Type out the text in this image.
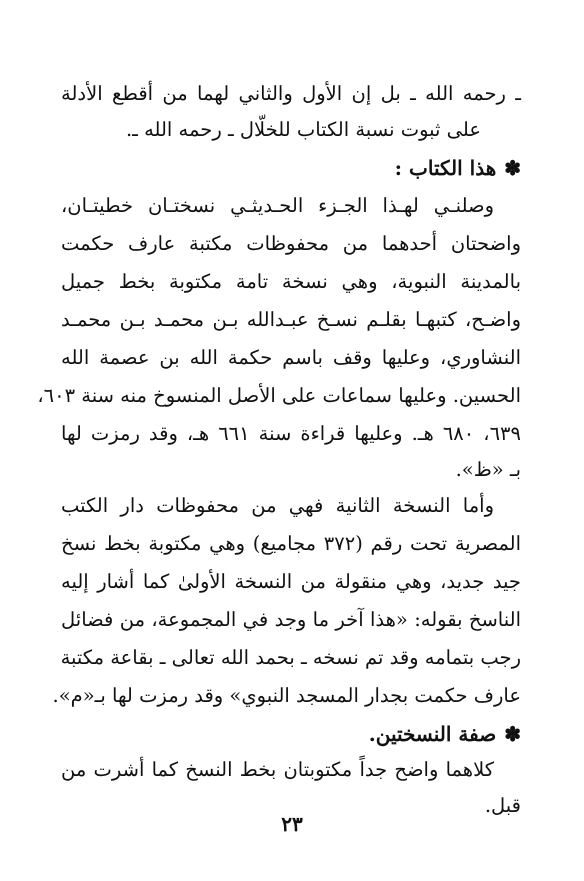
ـ رحمه الله ـ بل إن الأول والثاني لهما من أقطع الأدلة
على ثبوت نسبة الكتاب للخلّال ـ رحمه الله ـ.
✽هذا الكتاب :
وصلنـي لهـذا الجـزء الحـديثـي نسختـان خطيتـان،
واضحتان أحدهما من محفوظات مكتبة عارف حكمت
بالمدينة النبوية، وهي نسخة تامة مكتوبة بخط جميل
واضـح، كتبهـا بقلـم نسـخ عبـدالله بـن محمـد بـن محمـد
النشاوري، وعليها وقف باسم حكمة الله بن عصمة الله
الحسين. وعليها سماعات على الأصل المنسوخ منه سنة ٦٠٣،
٦٣٩، ٦٨٠ هـ. وعليها قراءة سنة ٦٦١ هـ، وقد رمزت لها
بـ «ظ».
وأما النسخة الثانية فهي من محفوظات دار الكتب
المصرية تحت رقم (٣٧٢ مجاميع) وهي مكتوبة بخط نسخ
جيد جديد، وهي منقولة من النسخة الأولىٰ كما أشار إليه
الناسخ بقوله: «هذا آخر ما وجد في المجموعة، من فضائل
رجب بتمامه وقد تم نسخه ـ بحمد الله تعالى ـ بقاعة مكتبة
عارف حكمت بجدار المسجد النبوي» وقد رمزت لها بـ«م».
✽صفة النسختين.
كلاهما واضح جداً مكتوبتان بخط النسخ كما أشرت من
قبل.
٢٣
